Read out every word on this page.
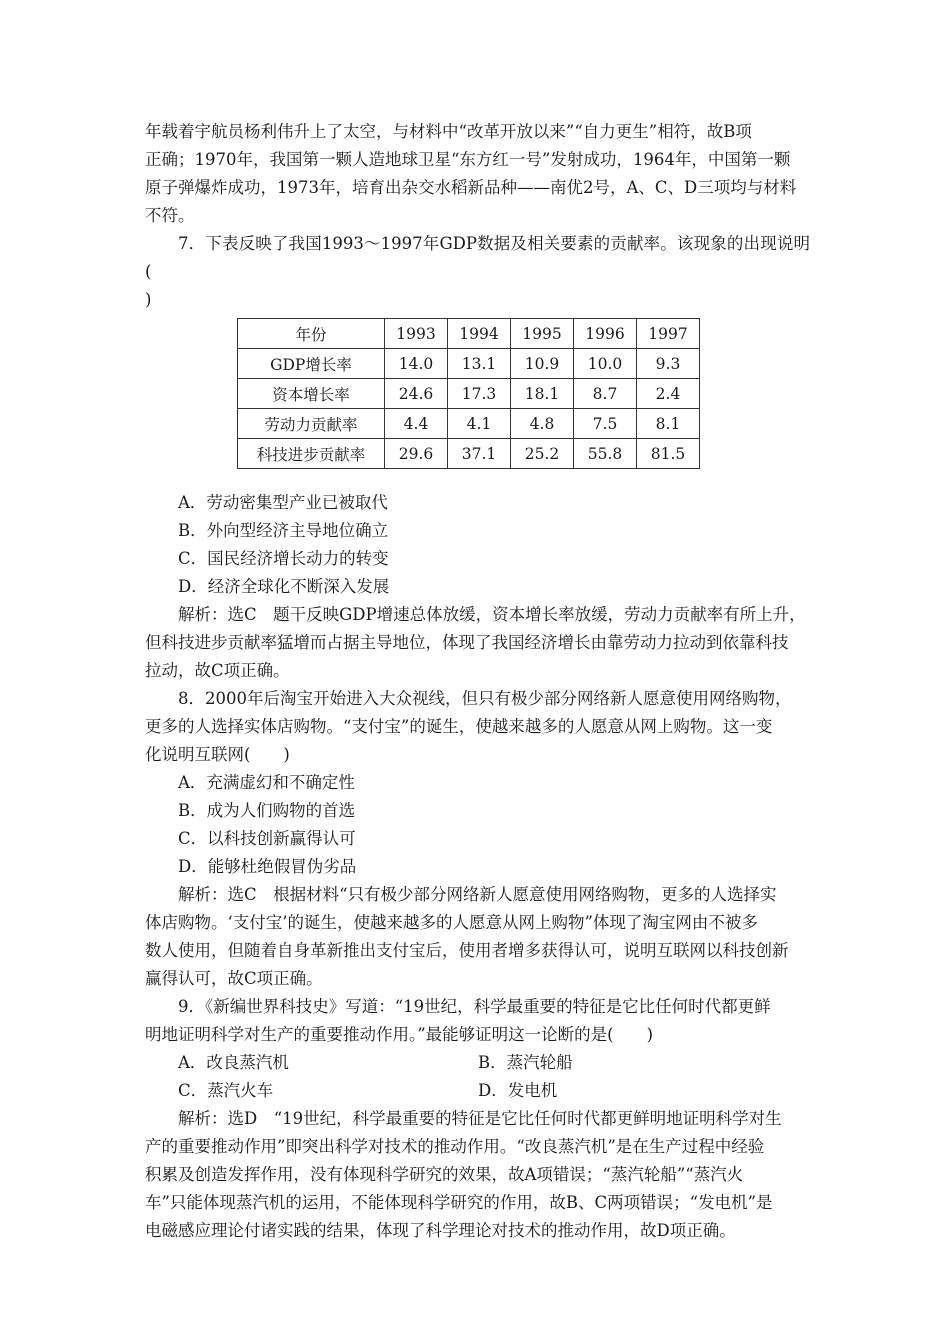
年载着宇航员杨利伟升上了太空，与材料中“改革开放以来”“自力更生”相符，故B项

正确；1970年，我国第一颗人造地球卫星“东方红一号”发射成功，1964年，中国第一颗

原子弹爆炸成功，1973年，培育出杂交水稻新品种——南优2号，A、C、D三项均与材料

不符。

7．下表反映了我国1993～1997年GDP数据及相关要素的贡献率。该现象的出现说明(

)

年份	1993	1994	1995	1996	1997
GDP增长率	14.0	13.1	10.9	10.0	9.3
资本增长率	24.6	17.3	18.1	8.7	2.4
劳动力贡献率	4.4	4.1	4.8	7.5	8.1
科技进步贡献率	29.6	37.1	25.2	55.8	81.5

A．劳动密集型产业已被取代

B．外向型经济主导地位确立

C．国民经济增长动力的转变

D．经济全球化不断深入发展

解析：选C　题干反映GDP增速总体放缓，资本增长率放缓，劳动力贡献率有所上升，

但科技进步贡献率猛增而占据主导地位，体现了我国经济增长由靠劳动力拉动到依靠科技

拉动，故C项正确。

8．2000年后淘宝开始进入大众视线，但只有极少部分网络新人愿意使用网络购物，

更多的人选择实体店购物。“支付宝”的诞生，使越来越多的人愿意从网上购物。这一变

化说明互联网(　　)

A．充满虚幻和不确定性

B．成为人们购物的首选

C．以科技创新赢得认可

D．能够杜绝假冒伪劣品

解析：选C　根据材料“只有极少部分网络新人愿意使用网络购物，更多的人选择实

体店购物。‘支付宝’的诞生，使越来越多的人愿意从网上购物”体现了淘宝网由不被多

数人使用，但随着自身革新推出支付宝后，使用者增多获得认可，说明互联网以科技创新

赢得认可，故C项正确。

9．《新编世界科技史》写道：“19世纪，科学最重要的特征是它比任何时代都更鲜

明地证明科学对生产的重要推动作用。”最能够证明这一论断的是(　　)

A．改良蒸汽机	B．蒸汽轮船
C．蒸汽火车	D．发电机

解析：选D　“19世纪，科学最重要的特征是它比任何时代都更鲜明地证明科学对生

产的重要推动作用”即突出科学对技术的推动作用。“改良蒸汽机”是在生产过程中经验

积累及创造发挥作用，没有体现科学研究的效果，故A项错误；“蒸汽轮船”“蒸汽火

车”只能体现蒸汽机的运用，不能体现科学研究的作用，故B、C两项错误；“发电机”是

电磁感应理论付诸实践的结果，体现了科学理论对技术的推动作用，故D项正确。
